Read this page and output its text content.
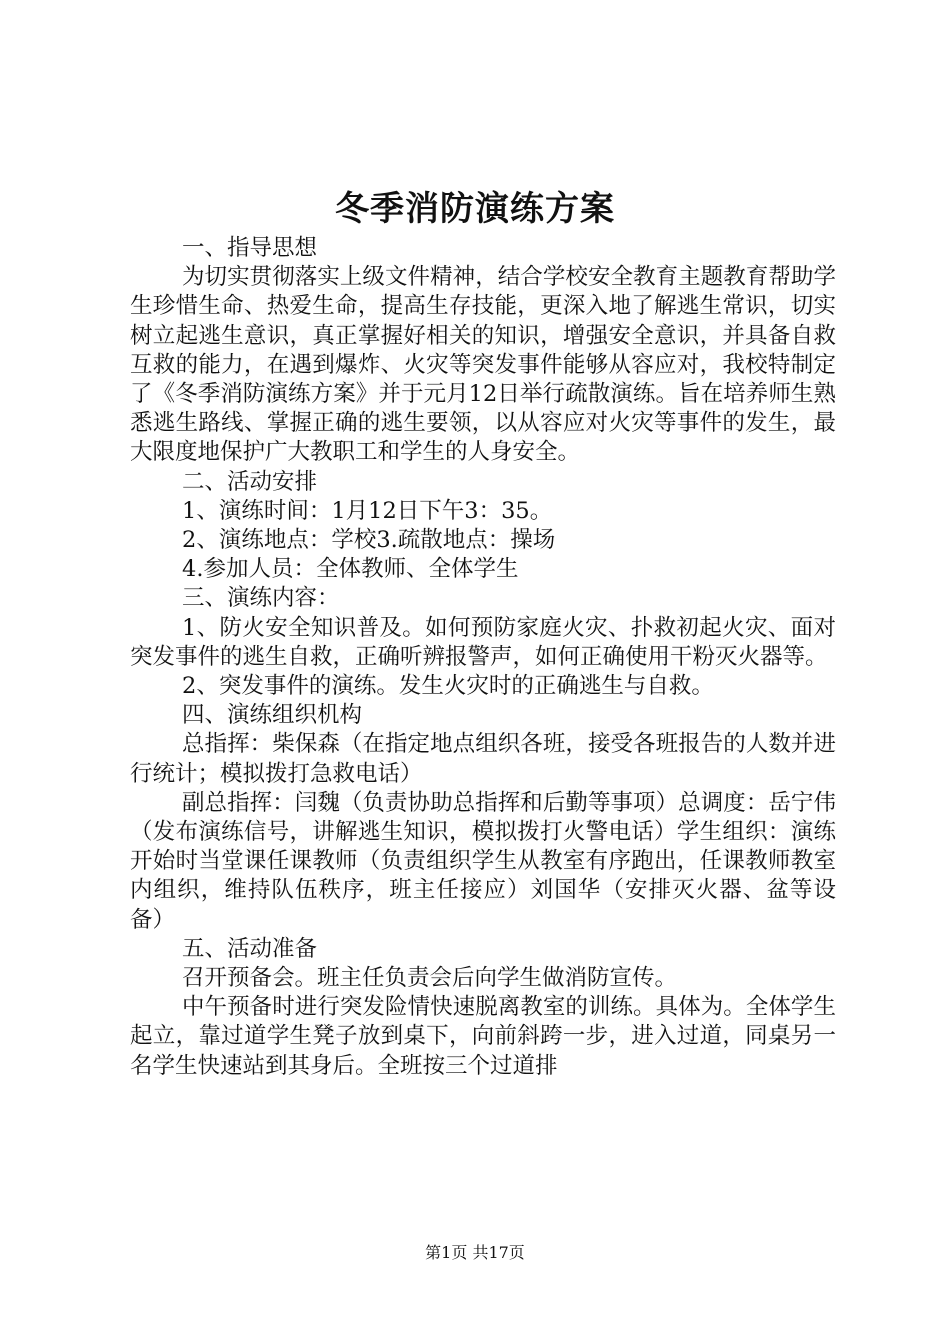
冬季消防演练方案

一、指导思想

为切实贯彻落实上级文件精神，结合学校安全教育主题教育帮助学生珍惜生命、热爱生命，提高生存技能，更深入地了解逃生常识，切实树立起逃生意识，真正掌握好相关的知识，增强安全意识，并具备自救互救的能力，在遇到爆炸、火灾等突发事件能够从容应对，我校特制定了《冬季消防演练方案》并于元月12日举行疏散演练。旨在培养师生熟悉逃生路线、掌握正确的逃生要领，以从容应对火灾等事件的发生，最大限度地保护广大教职工和学生的人身安全。

二、活动安排

1、演练时间：1月12日下午3：35。

2、演练地点：学校3.疏散地点：操场

4.参加人员：全体教师、全体学生

三、演练内容：

1、防火安全知识普及。如何预防家庭火灾、扑救初起火灾、面对突发事件的逃生自救，正确听辨报警声，如何正确使用干粉灭火器等。

2、突发事件的演练。发生火灾时的正确逃生与自救。

四、演练组织机构

总指挥：柴保森（在指定地点组织各班，接受各班报告的人数并进行统计；模拟拨打急救电话）

副总指挥：闫魏（负责协助总指挥和后勤等事项）总调度：岳宁伟（发布演练信号，讲解逃生知识，模拟拨打火警电话）学生组织：演练开始时当堂课任课教师（负责组织学生从教室有序跑出，任课教师教室内组织，维持队伍秩序，班主任接应）刘国华（安排灭火器、盆等设备）

五、活动准备

召开预备会。班主任负责会后向学生做消防宣传。

中午预备时进行突发险情快速脱离教室的训练。具体为。全体学生起立，靠过道学生凳子放到桌下，向前斜跨一步，进入过道，同桌另一名学生快速站到其身后。全班按三个过道排

第1页 共17页
